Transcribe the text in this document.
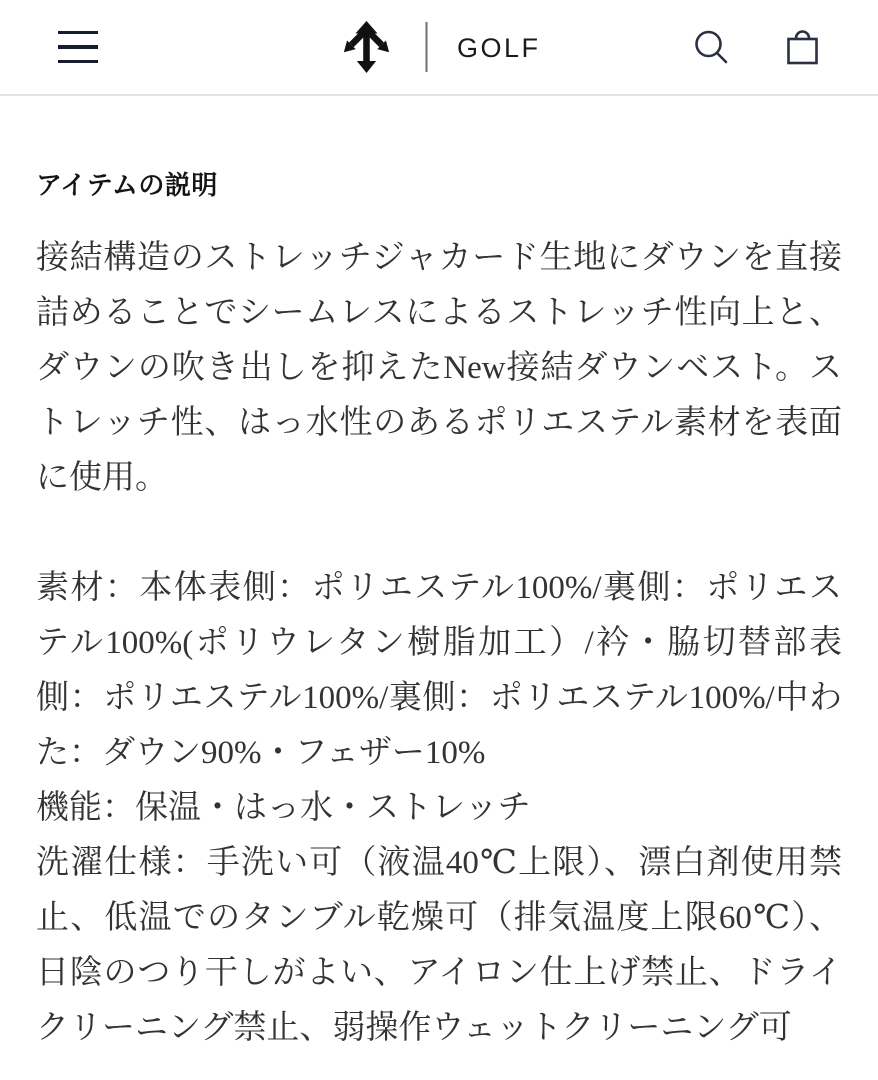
GOLF
アイテムの説明

接結構造のストレッチジャカード生地にダウンを直接詰めることでシームレスによるストレッチ性向上と、ダウンの吹き出しを抑えたNew接結ダウンベスト。ストレッチ性、はっ水性のあるポリエステル素材を表面に使用。

素材：本体表側：ポリエステル100%/裏側：ポリエステル100%(ポリウレタン樹脂加工）/衿・脇切替部表側：ポリエステル100%/裏側：ポリエステル100%/中わた：ダウン90%・フェザー10%

機能：保温・はっ水・ストレッチ

洗濯仕様：手洗い可（液温40℃上限）、漂白剤使用禁止、低温でのタンブル乾燥可（排気温度上限60℃）、日陰のつり干しがよい、アイロン仕上げ禁止、ドライクリーニング禁止、弱操作ウェットクリーニング可
